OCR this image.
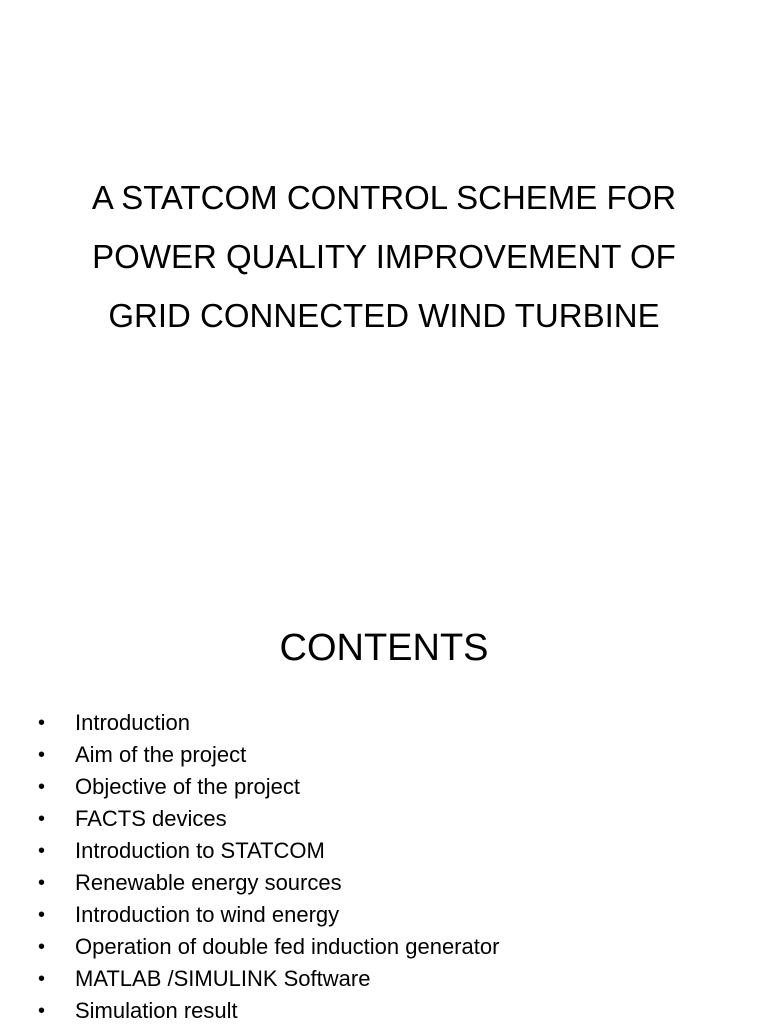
A STATCOM CONTROL SCHEME FOR
POWER QUALITY IMPROVEMENT OF
GRID CONNECTED WIND TURBINE
CONTENTS
•	Introduction
•	Aim of the project
•	Objective of the project
•	FACTS devices
•	Introduction to STATCOM
•	Renewable energy sources
•	Introduction to wind energy
•	Operation of double fed induction generator
•	MATLAB /SIMULINK Software
•	Simulation result
